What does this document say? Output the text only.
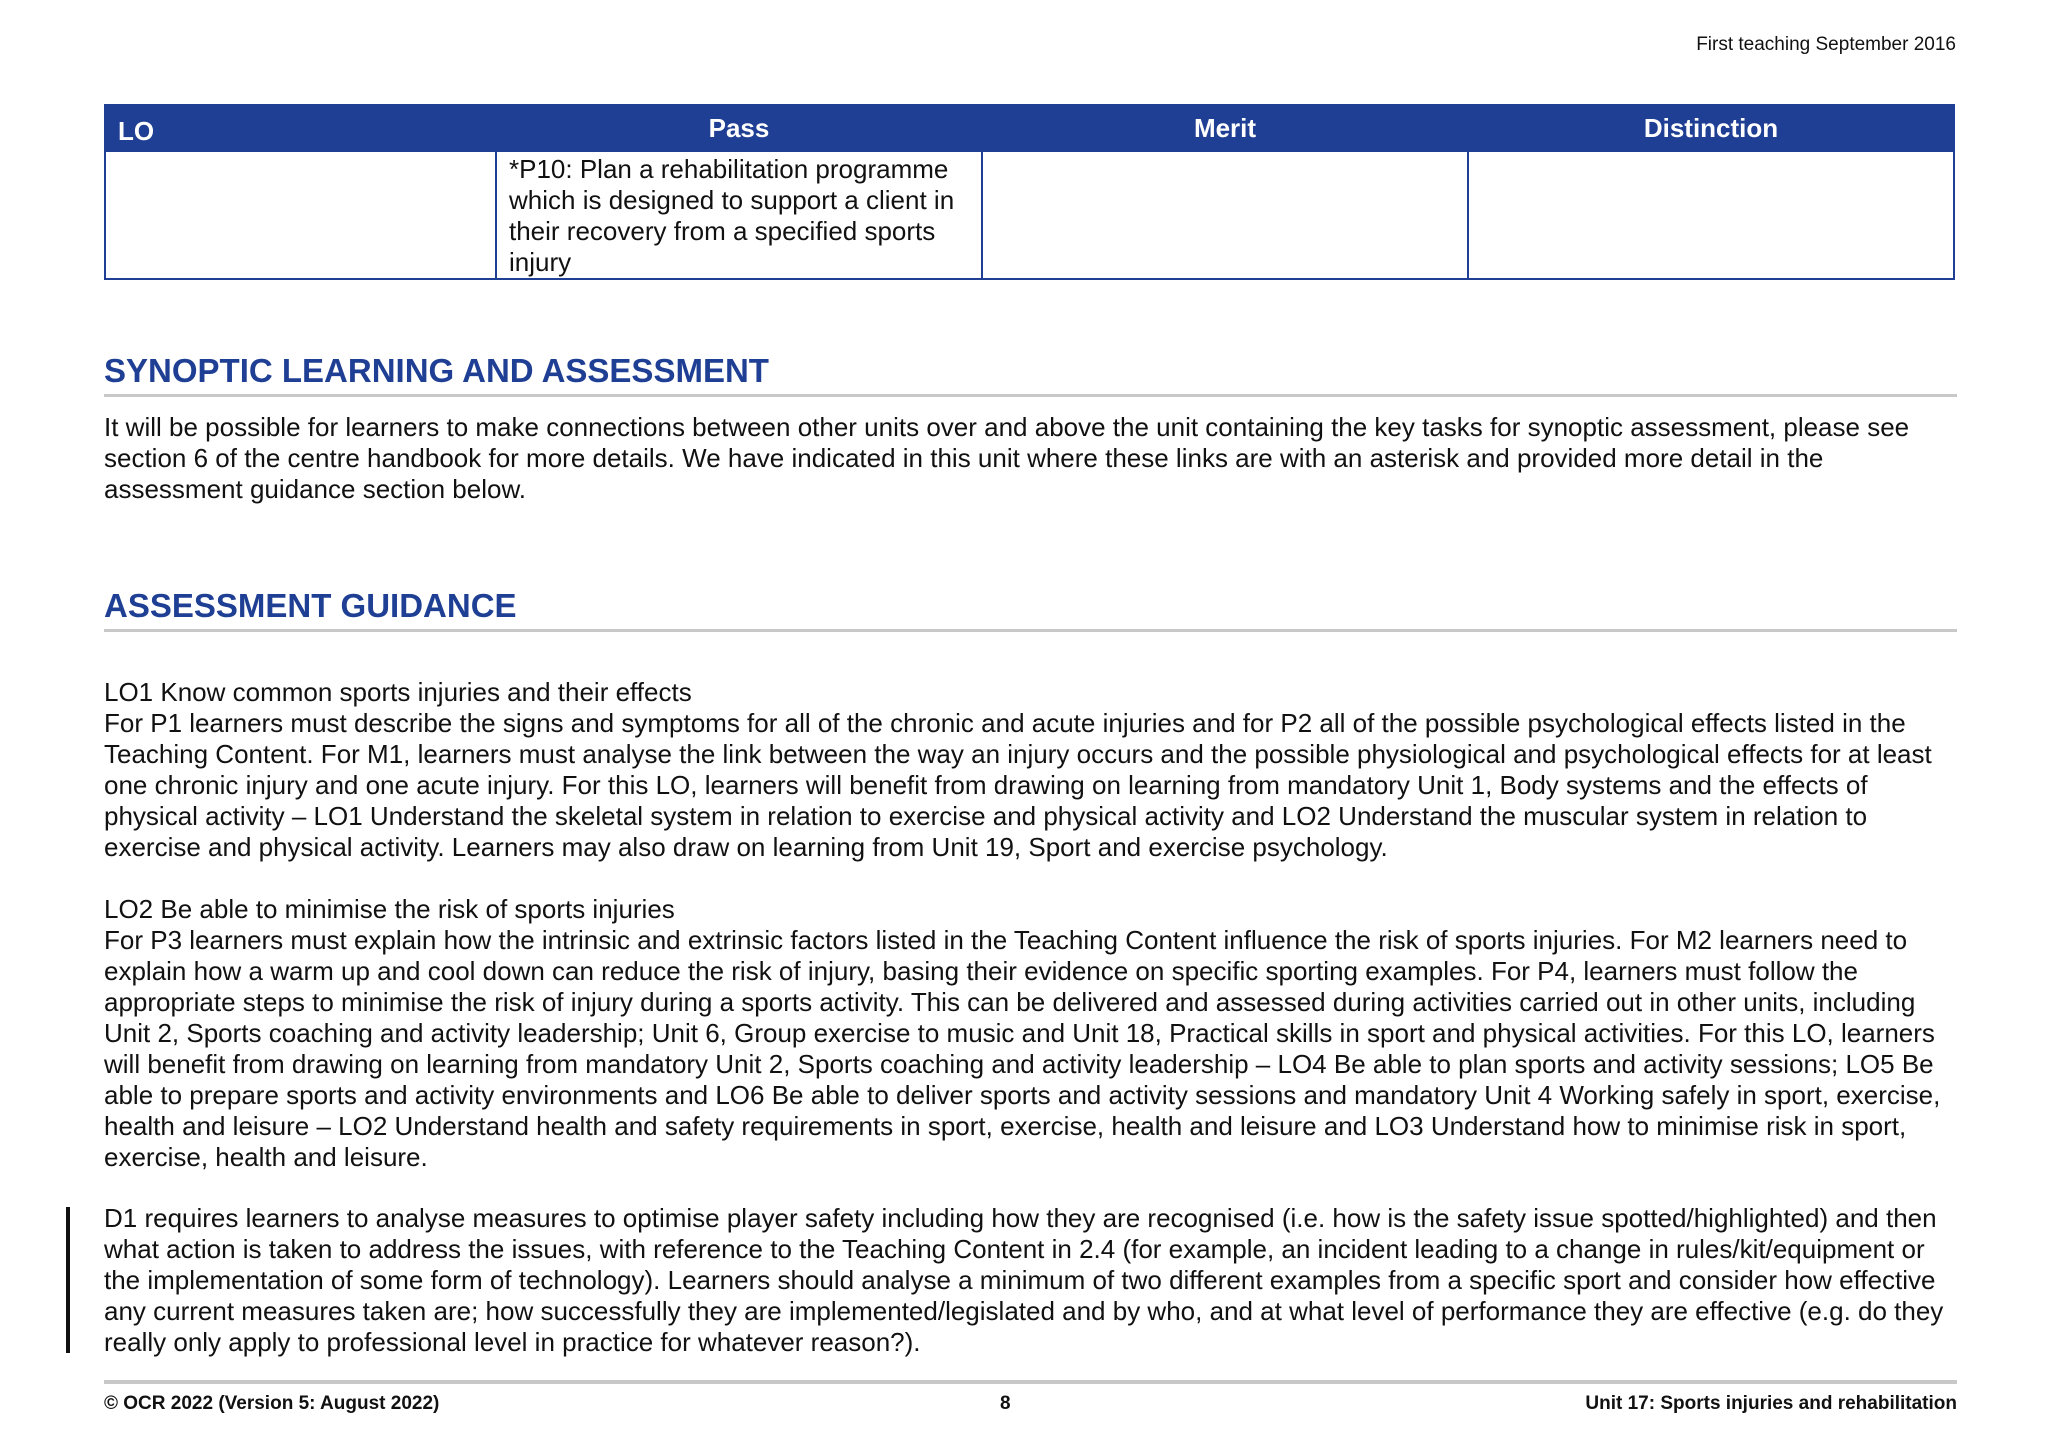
First teaching September 2016
LO	Pass	Merit	Distinction
	*P10: Plan a rehabilitation programme which is designed to support a client in their recovery from a specified sports injury		
SYNOPTIC LEARNING AND ASSESSMENT

It will be possible for learners to make connections between other units over and above the unit containing the key tasks for synoptic assessment, please see section 6 of the centre handbook for more details. We have indicated in this unit where these links are with an asterisk and provided more detail in the assessment guidance section below.

ASSESSMENT GUIDANCE

LO1 Know common sports injuries and their effects

For P1 learners must describe the signs and symptoms for all of the chronic and acute injuries and for P2 all of the possible psychological effects listed in the Teaching Content. For M1, learners must analyse the link between the way an injury occurs and the possible physiological and psychological effects for at least one chronic injury and one acute injury. For this LO, learners will benefit from drawing on learning from mandatory Unit 1, Body systems and the effects of physical activity – LO1 Understand the skeletal system in relation to exercise and physical activity and LO2 Understand the muscular system in relation to exercise and physical activity. Learners may also draw on learning from Unit 19, Sport and exercise psychology.

LO2 Be able to minimise the risk of sports injuries

For P3 learners must explain how the intrinsic and extrinsic factors listed in the Teaching Content influence the risk of sports injuries. For M2 learners need to explain how a warm up and cool down can reduce the risk of injury, basing their evidence on specific sporting examples. For P4, learners must follow the appropriate steps to minimise the risk of injury during a sports activity. This can be delivered and assessed during activities carried out in other units, including Unit 2, Sports coaching and activity leadership; Unit 6, Group exercise to music and Unit 18, Practical skills in sport and physical activities. For this LO, learners will benefit from drawing on learning from mandatory Unit 2, Sports coaching and activity leadership – LO4 Be able to plan sports and activity sessions; LO5 Be able to prepare sports and activity environments and LO6 Be able to deliver sports and activity sessions and mandatory Unit 4 Working safely in sport, exercise, health and leisure – LO2 Understand health and safety requirements in sport, exercise, health and leisure and LO3 Understand how to minimise risk in sport, exercise, health and leisure.

D1 requires learners to analyse measures to optimise player safety including how they are recognised (i.e. how is the safety issue spotted/highlighted) and then what action is taken to address the issues, with reference to the Teaching Content in 2.4 (for example, an incident leading to a change in rules/kit/equipment or the implementation of some form of technology). Learners should analyse a minimum of two different examples from a specific sport and consider how effective any current measures taken are; how successfully they are implemented/legislated and by who, and at what level of performance they are effective (e.g. do they really only apply to professional level in practice for whatever reason?).

© OCR 2022 (Version 5: August 2022)	8	Unit 17: Sports injuries and rehabilitation
